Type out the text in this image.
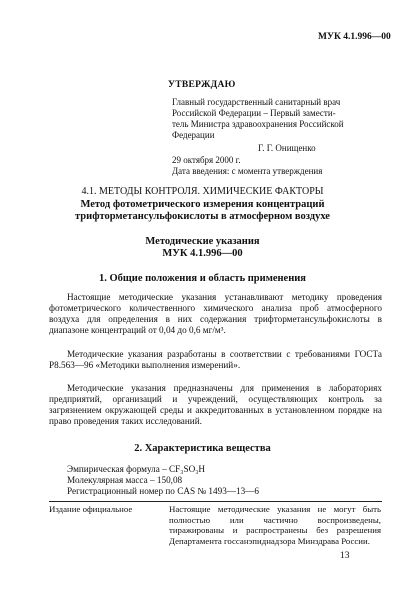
МУК 4.1.996—00
УТВЕРЖДАЮ
Главный государственный санитарный врач
Российской Федерации – Первый замести-
тель Министра здравоохранения Российской
Федерации
Г. Г. Онищенко
29 октября 2000 г.
Дата введения: с момента утверждения
4.1. МЕТОДЫ КОНТРОЛЯ. ХИМИЧЕСКИЕ ФАКТОРЫ
Метод фотометрического измерения концентраций
трифторметансульфокислоты в атмосферном воздухе
Методические указания
МУК 4.1.996—00
1. Общие положения и область применения

Настоящие методические указания устанавливают методику проведения фотометрического количественного химического анализа проб атмосферного воздуха для определения в них содержания трифторметансульфокислоты в диапазоне концентраций от 0,04 до 0,6 мг/м³.

Методические указания разработаны в соответствии с требованиями ГОСТа Р8.563—96 «Методики выполнения измерений».

Методические указания предназначены для применения в лабораториях предприятий, организаций и учреждений, осуществляющих контроль за загрязнением окружающей среды и аккредитованных в установленном порядке на право проведения таких исследований.

2. Характеристика вещества
Эмпирическая формула – CF₃SO₃H
Молекулярная масса – 150,08
Регистрационный номер по CAS № 1493—13—6
Издание официальное	Настоящие методические указания не могут быть полностью или частично воспроизведены, тиражированы и распространены без разрешения Департамента госсанэпиднадзора Минздрава России.
13
